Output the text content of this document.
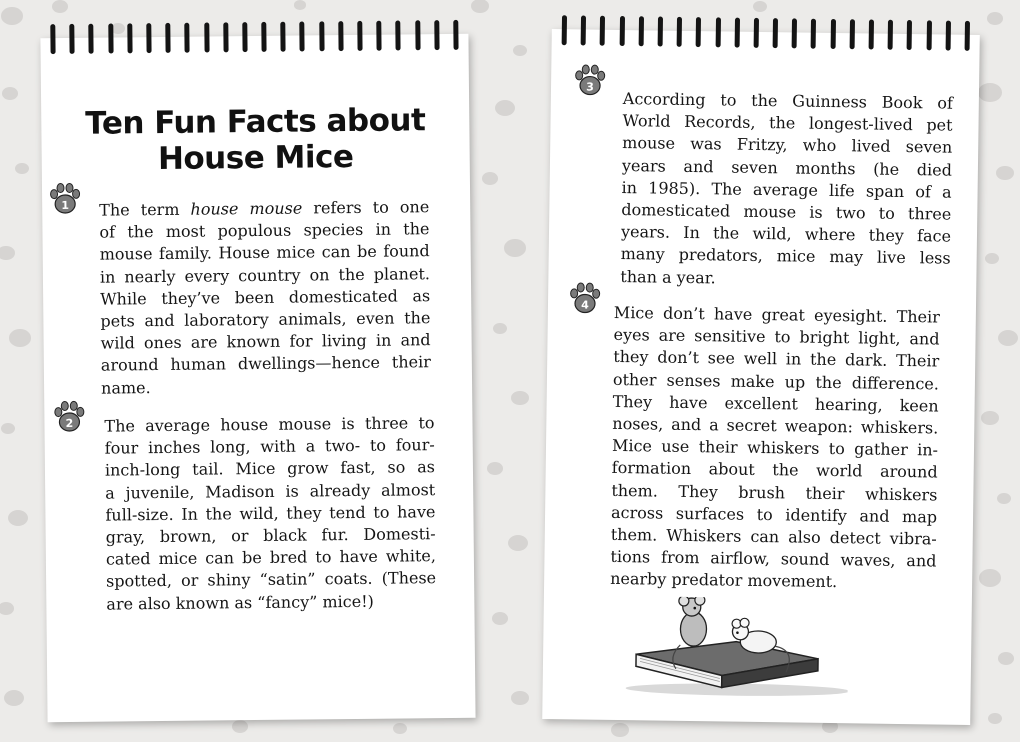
Ten Fun Facts about
House Mice
1 The term house mouse refers to one
of the most populous species in the
mouse family. House mice can be found
in nearly every country on the planet.
While they’ve been domesticated as
pets and laboratory animals, even the
wild ones are known for living in and
around human dwellings—hence their
name.
2 The average house mouse is three to
four inches long, with a two- to four-
inch-long tail. Mice grow fast, so as
a juvenile, Madison is already almost
full-size. In the wild, they tend to have
gray, brown, or black fur. Domesti-
cated mice can be bred to have white,
spotted, or shiny “satin” coats. (These
are also known as “fancy” mice!)
3
According to the Guinness Book of
World Records, the longest-lived pet
mouse was Fritzy, who lived seven
years and seven months (he died
in 1985). The average life span of a
domesticated mouse is two to three
years. In the wild, where they face
many predators, mice may live less
than a year.
4 Mice don’t have great eyesight. Their
eyes are sensitive to bright light, and
they don’t see well in the dark. Their
other senses make up the difference.
They have excellent hearing, keen
noses, and a secret weapon: whiskers.
Mice use their whiskers to gather in-
formation about the world around
them. They brush their whiskers
across surfaces to identify and map
them. Whiskers can also detect vibra-
tions from airflow, sound waves, and
nearby predator movement.
